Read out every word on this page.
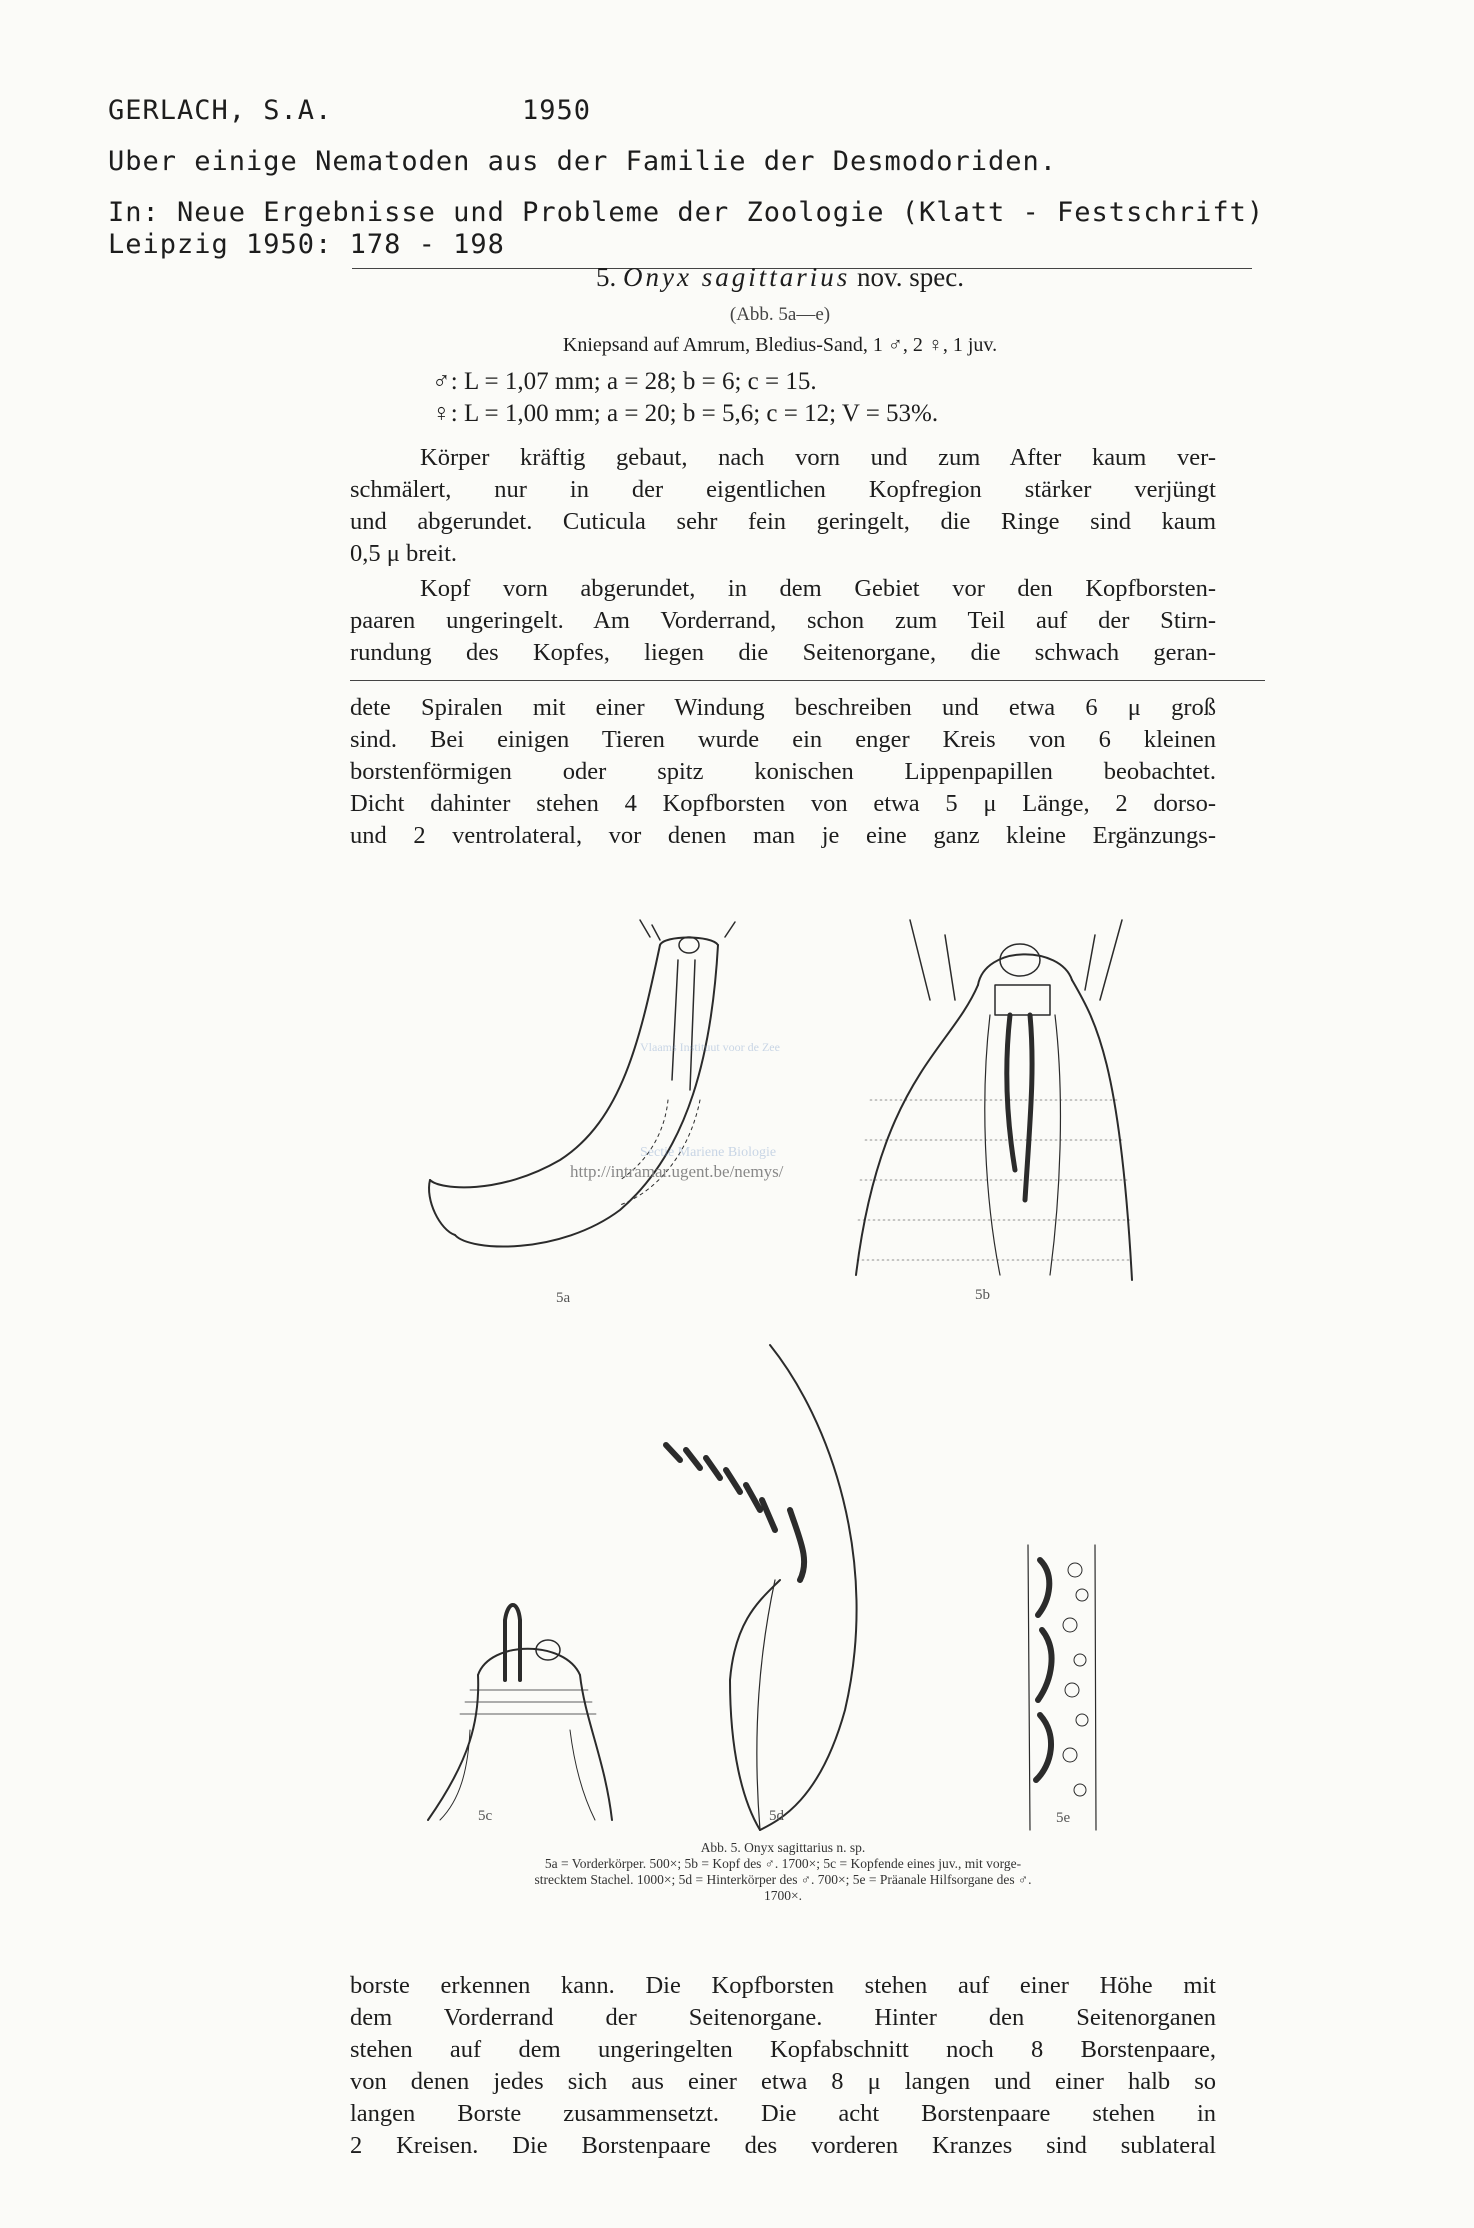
GERLACH, S.A.	1950
Uber einige Nematoden aus der Familie der Desmodoriden.
In: Neue Ergebnisse und Probleme der Zoologie (Klatt - Festschrift)
Leipzig 1950: 178 - 198
5. Onyx sagittarius nov. spec.
(Abb. 5a—e)
Kniepsand auf Amrum, Bledius-Sand, 1 ♂, 2 ♀, 1 juv.
♂: L = 1,07 mm; a = 28; b = 6; c = 15.
♀: L = 1,00 mm; a = 20; b = 5,6; c = 12; V = 53%.
Körper kräftig gebaut, nach vorn und zum After kaum ver-
schmälert, nur in der eigentlichen Kopfregion stärker verjüngt
und abgerundet. Cuticula sehr fein geringelt, die Ringe sind kaum
0,5 μ breit.
Kopf vorn abgerundet, in dem Gebiet vor den Kopfborsten-
paaren ungeringelt. Am Vorderrand, schon zum Teil auf der Stirn-
rundung des Kopfes, liegen die Seitenorgane, die schwach geran-
dete Spiralen mit einer Windung beschreiben und etwa 6 μ groß
sind. Bei einigen Tieren wurde ein enger Kreis von 6 kleinen
borstenförmigen oder spitz konischen Lippenpapillen beobachtet.
Dicht dahinter stehen 4 Kopfborsten von etwa 5 μ Länge, 2 dorso-
und 2 ventrolateral, vor denen man je eine ganz kleine Ergänzungs-
Vlaams Instituut voor de Zee
Sectie Mariene Biologie
http://intramar.ugent.be/nemys/
5a	5b
5c	5d	5e
Abb. 5. Onyx sagittarius n. sp.
5a = Vorderkörper. 500×; 5b = Kopf des ♂. 1700×; 5c = Kopfende eines juv., mit vorge-
strecktem Stachel. 1000×; 5d = Hinterkörper des ♂. 700×; 5e = Präanale Hilfsorgane des ♂.
1700×.
borste erkennen kann. Die Kopfborsten stehen auf einer Höhe mit
dem Vorderrand der Seitenorgane. Hinter den Seitenorganen
stehen auf dem ungeringelten Kopfabschnitt noch 8 Borstenpaare,
von denen jedes sich aus einer etwa 8 μ langen und einer halb so
langen Borste zusammensetzt. Die acht Borstenpaare stehen in
2 Kreisen. Die Borstenpaare des vorderen Kranzes sind sublateral
